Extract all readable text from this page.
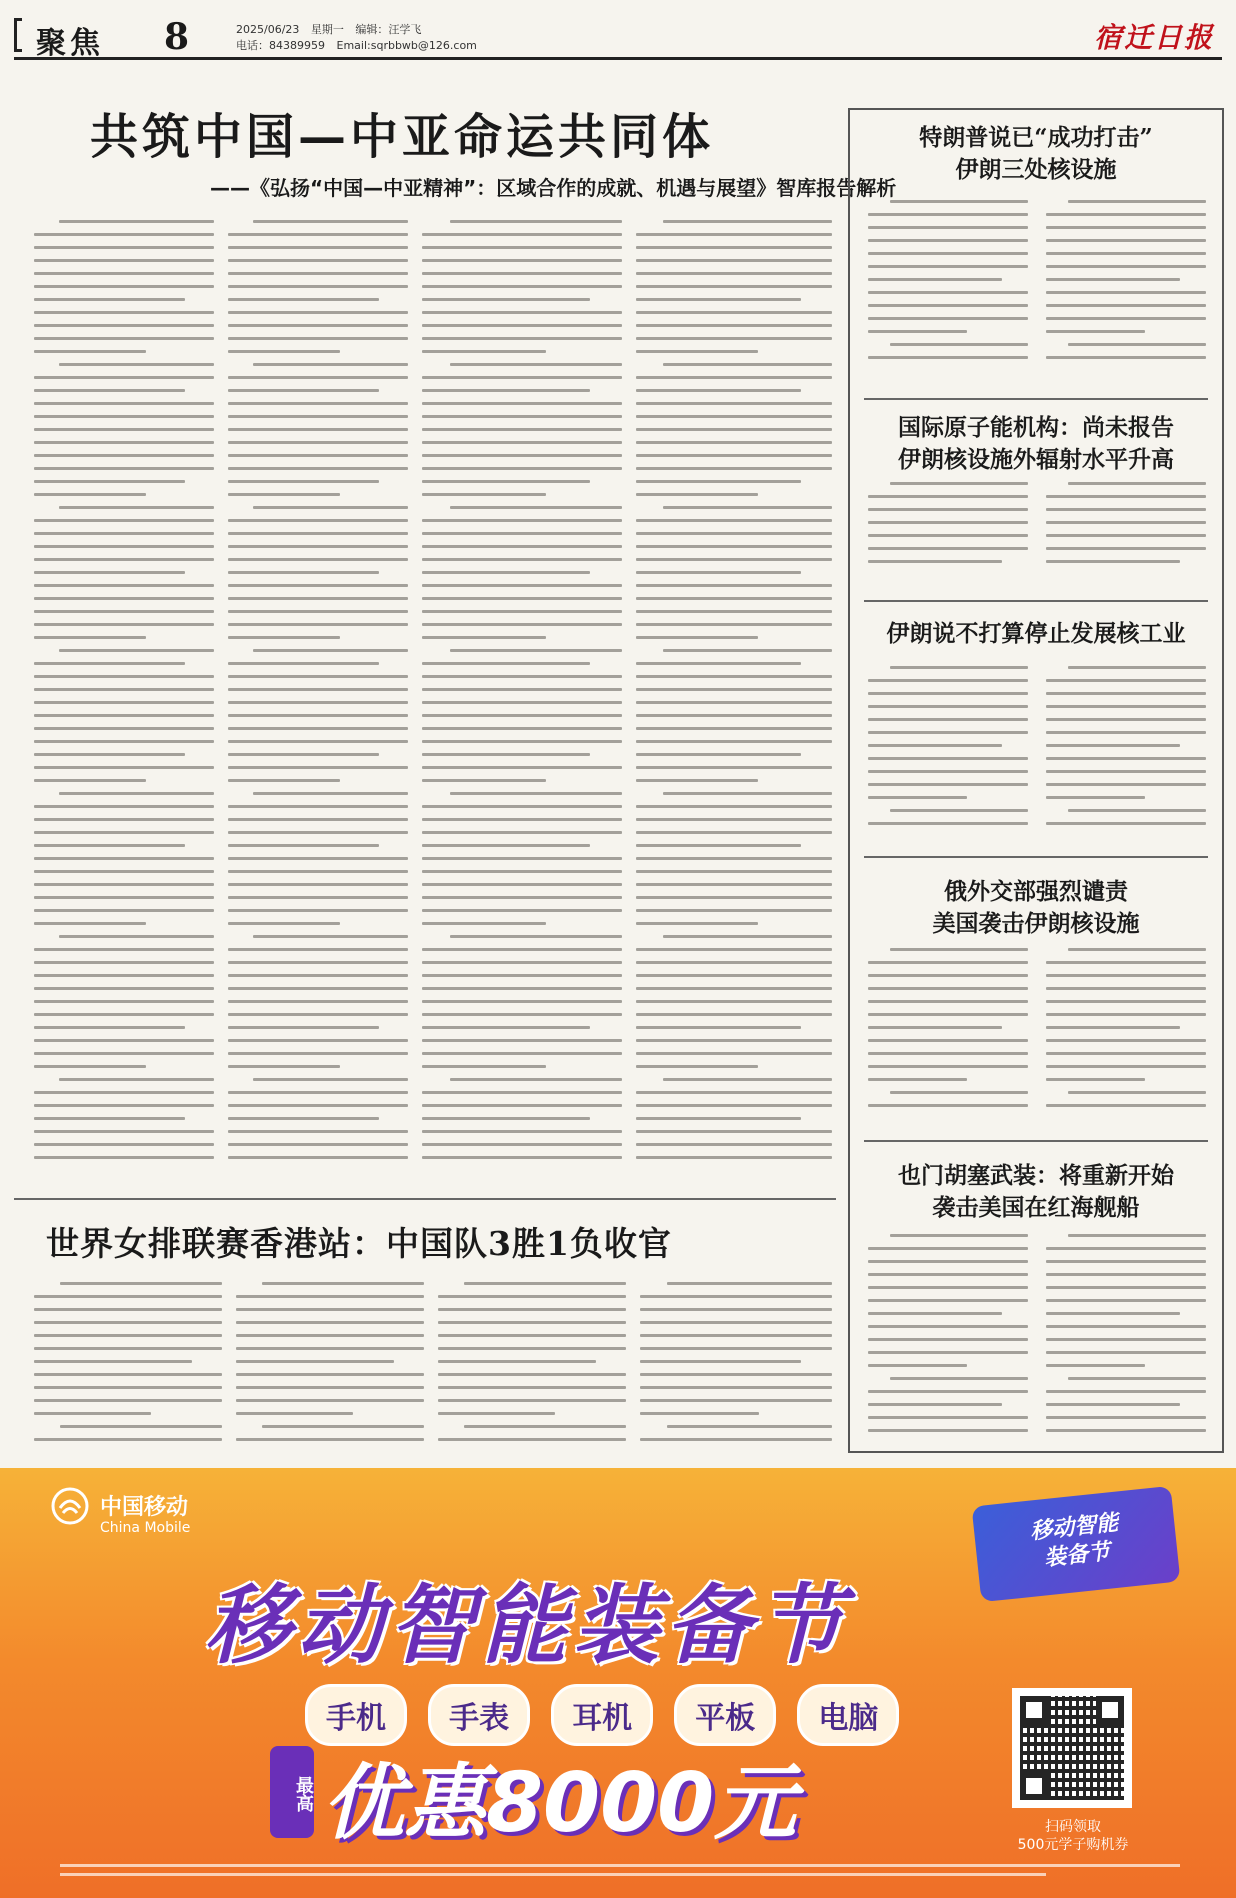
聚焦 8	2025/06/23 星期一 编辑：汪学飞
电话：84389959 Email:sqrbbwb@126.com	宿迁日报
共筑中国—中亚命运共同体
——《弘扬“中国—中亚精神”：区域合作的成就、机遇与展望》智库报告解析
特朗普说已“成功打击”
伊朗三处核设施
国际原子能机构：尚未报告
伊朗核设施外辐射水平升高
伊朗说不打算停止发展核工业
俄外交部强烈谴责
美国袭击伊朗核设施
也门胡塞武装：将重新开始
袭击美国在红海舰船
世界女排联赛香港站：中国队3胜1负收官
中国移动
China Mobile	移动智能
装备节
移动智能装备节
手机 手表 耳机 平板 电脑
最高 优惠8000元	扫码领取
500元学子购机券
